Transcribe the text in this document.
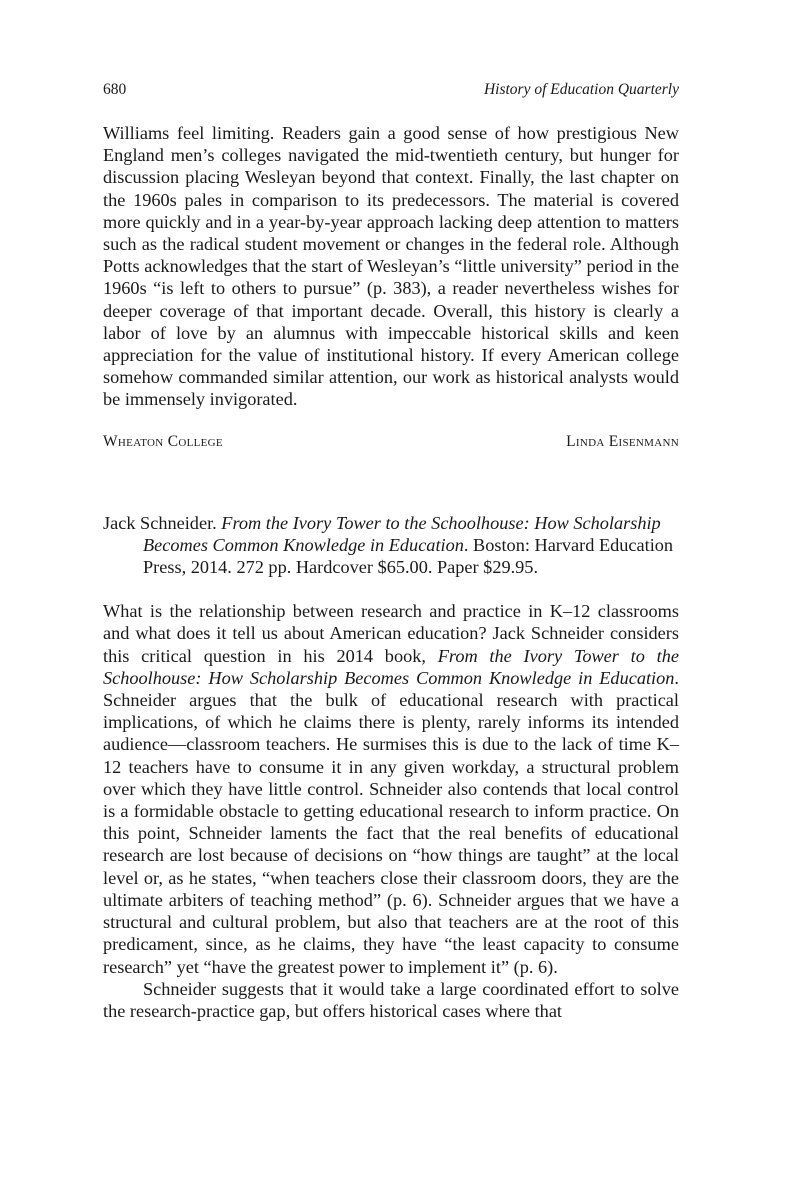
680	History of Education Quarterly

Williams feel limiting. Readers gain a good sense of how prestigious New England men’s colleges navigated the mid-twentieth century, but hunger for discussion placing Wesleyan beyond that context. Finally, the last chapter on the 1960s pales in comparison to its predecessors. The material is covered more quickly and in a year-by-year approach lacking deep attention to matters such as the radical student movement or changes in the federal role. Although Potts acknowledges that the start of Wesleyan’s “little university” period in the 1960s “is left to others to pursue” (p. 383), a reader nevertheless wishes for deeper coverage of that important decade. Overall, this history is clearly a labor of love by an alumnus with impeccable historical skills and keen appreciation for the value of institutional history. If every American college somehow commanded similar attention, our work as historical analysts would be immensely invigorated.

Wheaton College	Linda Eisenmann

Jack Schneider. From the Ivory Tower to the Schoolhouse: How Scholarship Becomes Common Knowledge in Education. Boston: Harvard Education Press, 2014. 272 pp. Hardcover $65.00. Paper $29.95.

What is the relationship between research and practice in K–12 classrooms and what does it tell us about American education? Jack Schneider considers this critical question in his 2014 book, From the Ivory Tower to the Schoolhouse: How Scholarship Becomes Common Knowledge in Education. Schneider argues that the bulk of educational research with practical implications, of which he claims there is plenty, rarely informs its intended audience—classroom teachers. He surmises this is due to the lack of time K–12 teachers have to consume it in any given workday, a structural problem over which they have little control. Schneider also contends that local control is a formidable obstacle to getting educational research to inform practice. On this point, Schneider laments the fact that the real benefits of educational research are lost because of decisions on “how things are taught” at the local level or, as he states, “when teachers close their classroom doors, they are the ultimate arbiters of teaching method” (p. 6). Schneider argues that we have a structural and cultural problem, but also that teachers are at the root of this predicament, since, as he claims, they have “the least capacity to consume research” yet “have the greatest power to implement it” (p. 6).

Schneider suggests that it would take a large coordinated effort to solve the research-practice gap, but offers historical cases where that
